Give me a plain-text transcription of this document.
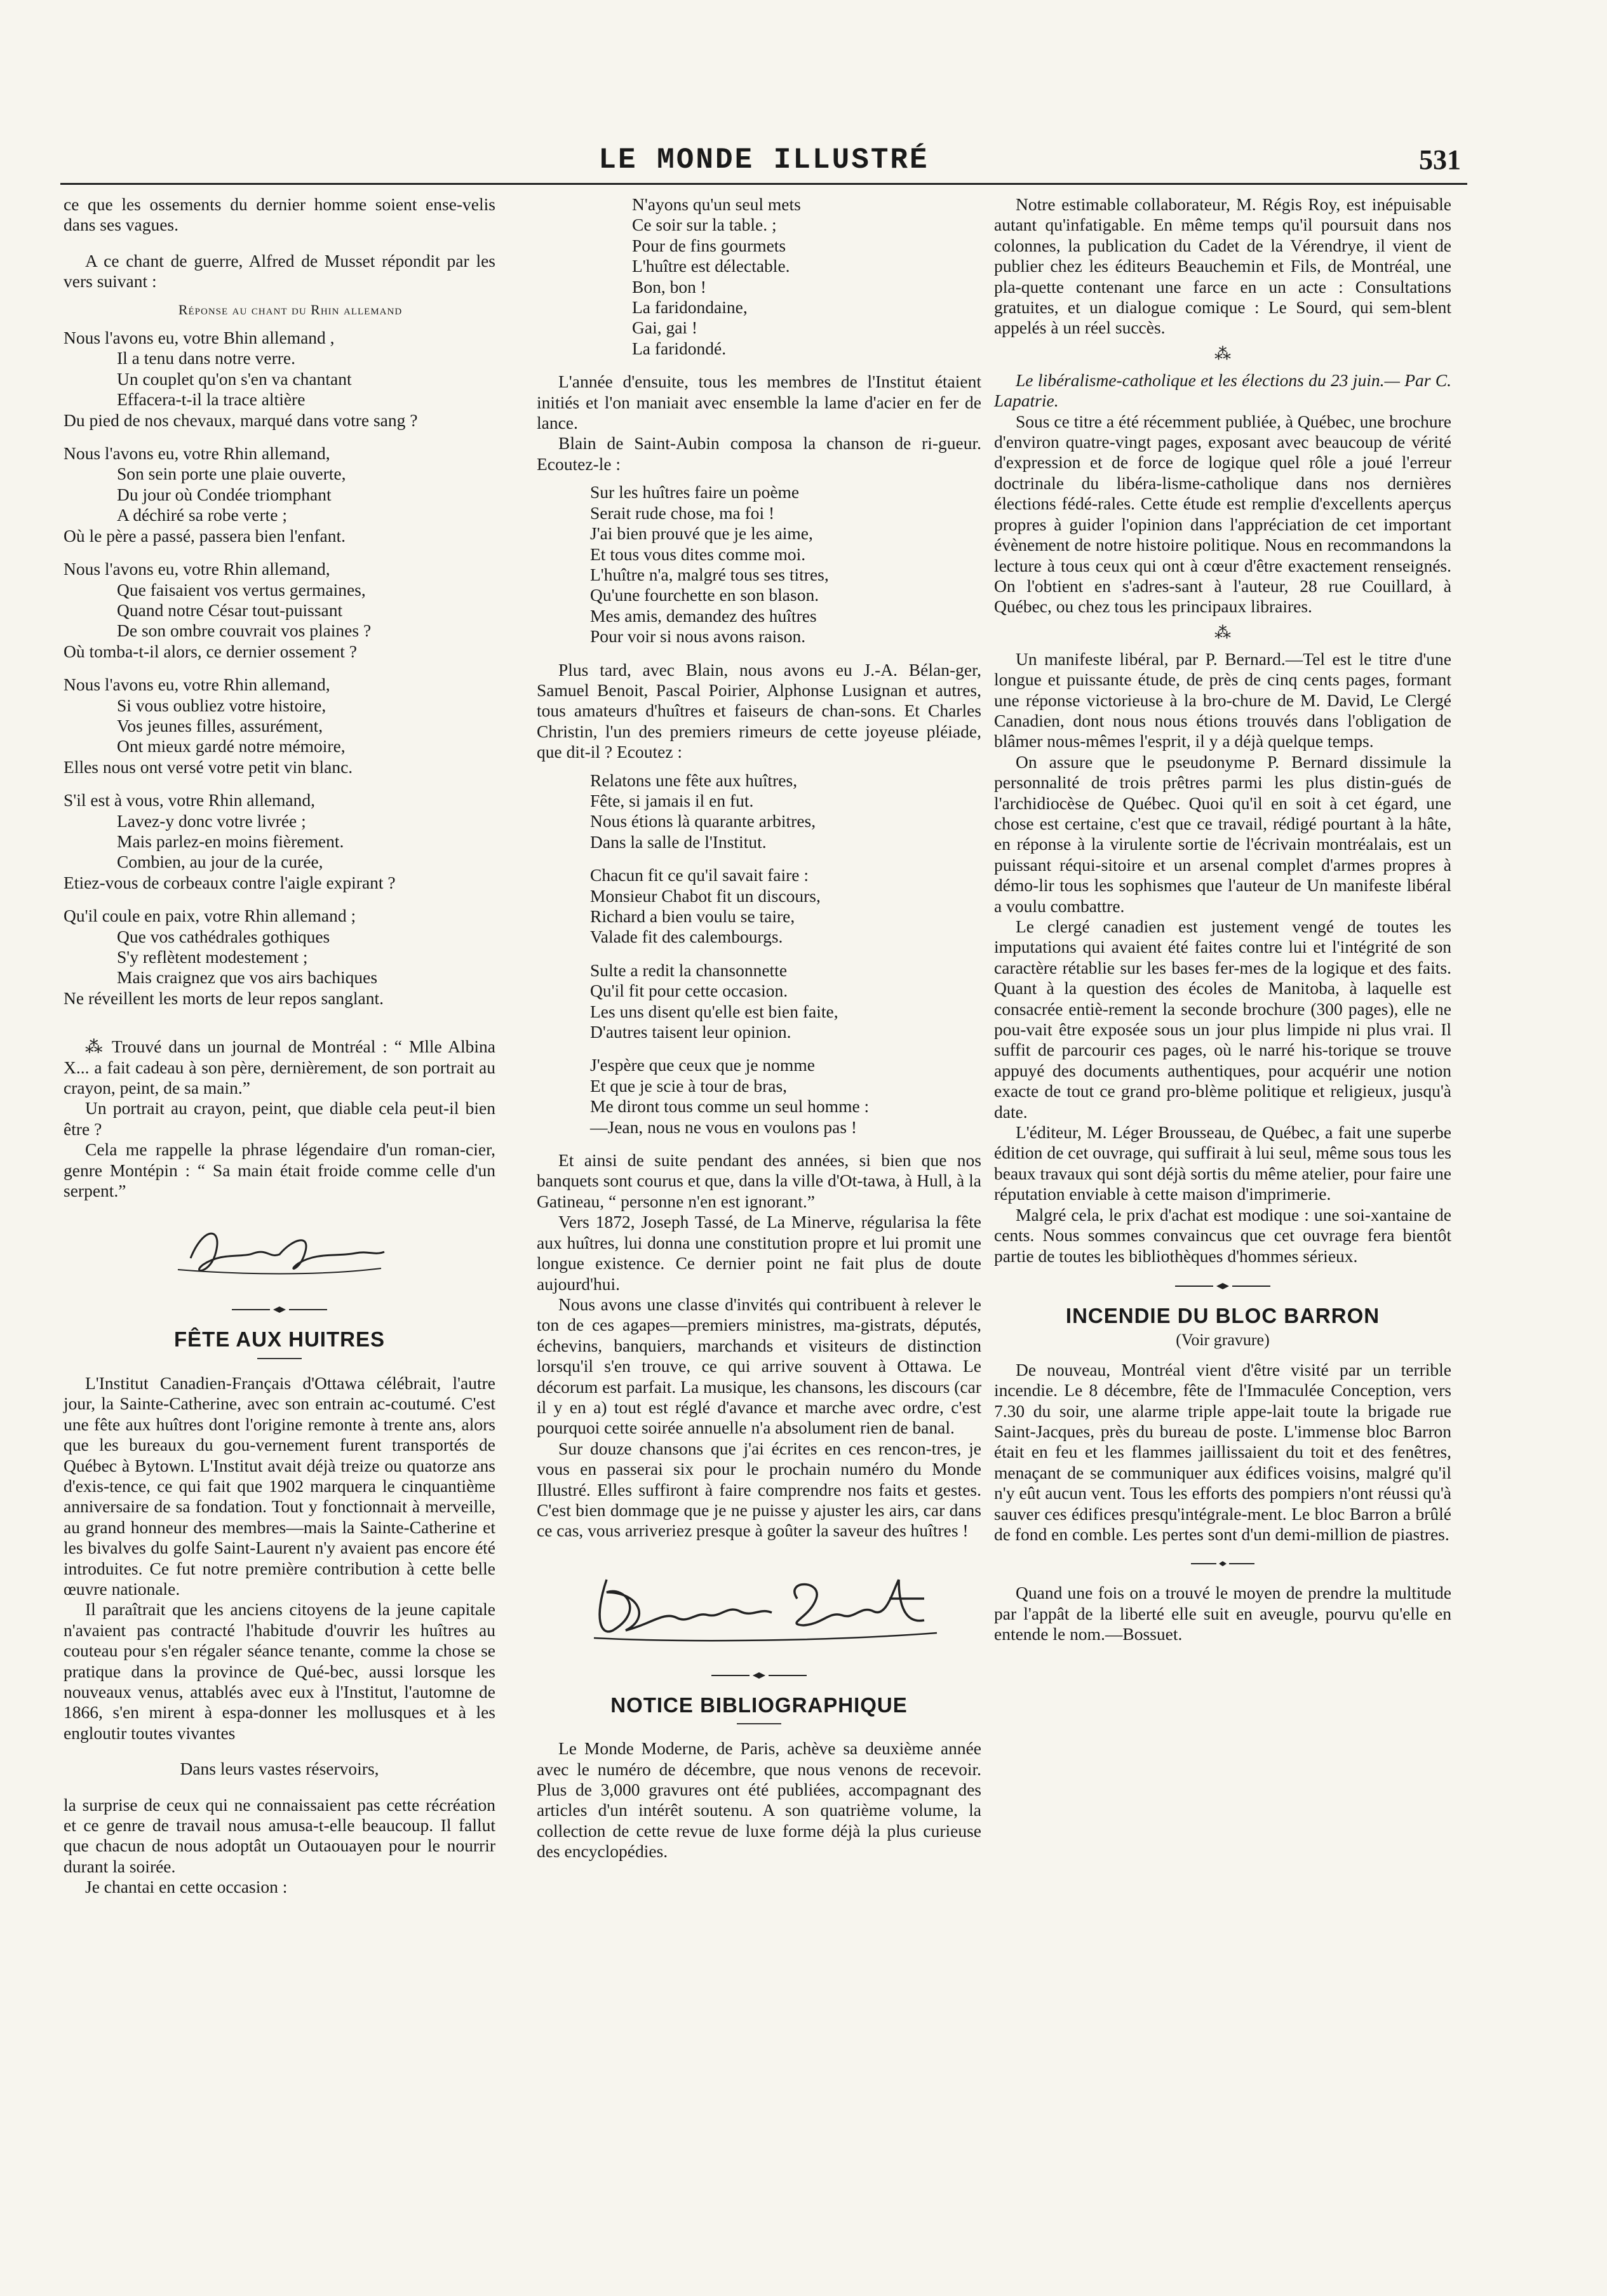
LE MONDE ILLUSTRÉ	531

ce que les ossements du dernier homme soient ense-velis dans ses vagues.

A ce chant de guerre, Alfred de Musset répondit par les vers suivant :

Réponse au chant du Rhin allemand

Nous l'avons eu, votre Bhin allemand ,
Il a tenu dans notre verre.
Un couplet qu'on s'en va chantant
Effacera-t-il la trace altière
Du pied de nos chevaux, marqué dans votre sang ?
Nous l'avons eu, votre Rhin allemand,
Son sein porte une plaie ouverte,
Du jour où Condée triomphant
A déchiré sa robe verte ;
Où le père a passé, passera bien l'enfant.
Nous l'avons eu, votre Rhin allemand,
Que faisaient vos vertus germaines,
Quand notre César tout-puissant
De son ombre couvrait vos plaines ?
Où tomba-t-il alors, ce dernier ossement ?
Nous l'avons eu, votre Rhin allemand,
Si vous oubliez votre histoire,
Vos jeunes filles, assurément,
Ont mieux gardé notre mémoire,
Elles nous ont versé votre petit vin blanc.
S'il est à vous, votre Rhin allemand,
Lavez-y donc votre livrée ;
Mais parlez-en moins fièrement.
Combien, au jour de la curée,
Etiez-vous de corbeaux contre l'aigle expirant ?
Qu'il coule en paix, votre Rhin allemand ;
Que vos cathédrales gothiques
S'y reflètent modestement ;
Mais craignez que vos airs bachiques
Ne réveillent les morts de leur repos sanglant.

⁂ Trouvé dans un journal de Montréal : “ Mlle Albina X... a fait cadeau à son père, dernièrement, de son portrait au crayon, peint, de sa main.”

Un portrait au crayon, peint, que diable cela peut-il bien être ?

Cela me rappelle la phrase légendaire d'un roman-cier, genre Montépin : “ Sa main était froide comme celle d'un serpent.”

FÊTE AUX HUITRES

L'Institut Canadien-Français d'Ottawa célébrait, l'autre jour, la Sainte-Catherine, avec son entrain ac-coutumé. C'est une fête aux huîtres dont l'origine remonte à trente ans, alors que les bureaux du gou-vernement furent transportés de Québec à Bytown. L'Institut avait déjà treize ou quatorze ans d'exis-tence, ce qui fait que 1902 marquera le cinquantième anniversaire de sa fondation. Tout y fonctionnait à merveille, au grand honneur des membres—mais la Sainte-Catherine et les bivalves du golfe Saint-Laurent n'y avaient pas encore été introduites. Ce fut notre première contribution à cette belle œuvre nationale.

Il paraîtrait que les anciens citoyens de la jeune capitale n'avaient pas contracté l'habitude d'ouvrir les huîtres au couteau pour s'en régaler séance tenante, comme la chose se pratique dans la province de Qué-bec, aussi lorsque les nouveaux venus, attablés avec eux à l'Institut, l'automne de 1866, s'en mirent à espa-donner les mollusques et à les engloutir toutes vivantes

Dans leurs vastes réservoirs,

la surprise de ceux qui ne connaissaient pas cette récréation et ce genre de travail nous amusa-t-elle beaucoup. Il fallut que chacun de nous adoptât un Outaouayen pour le nourrir durant la soirée.

Je chantai en cette occasion :

N'ayons qu'un seul mets
Ce soir sur la table. ;
Pour de fins gourmets
L'huître est délectable.
Bon, bon !
La faridondaine,
Gai, gai !
La faridondé.

L'année d'ensuite, tous les membres de l'Institut étaient initiés et l'on maniait avec ensemble la lame d'acier en fer de lance.

Blain de Saint-Aubin composa la chanson de ri-gueur. Ecoutez-le :

Sur les huîtres faire un poème
Serait rude chose, ma foi !
J'ai bien prouvé que je les aime,
Et tous vous dites comme moi.
L'huître n'a, malgré tous ses titres,
Qu'une fourchette en son blason.
Mes amis, demandez des huîtres
Pour voir si nous avons raison.

Plus tard, avec Blain, nous avons eu J.-A. Bélan-ger, Samuel Benoit, Pascal Poirier, Alphonse Lusignan et autres, tous amateurs d'huîtres et faiseurs de chan-sons. Et Charles Christin, l'un des premiers rimeurs de cette joyeuse pléiade, que dit-il ? Ecoutez :

Relatons une fête aux huîtres,
Fête, si jamais il en fut.
Nous étions là quarante arbitres,
Dans la salle de l'Institut.
Chacun fit ce qu'il savait faire :
Monsieur Chabot fit un discours,
Richard a bien voulu se taire,
Valade fit des calembourgs.
Sulte a redit la chansonnette
Qu'il fit pour cette occasion.
Les uns disent qu'elle est bien faite,
D'autres taisent leur opinion.
J'espère que ceux que je nomme
Et que je scie à tour de bras,
Me diront tous comme un seul homme :
—Jean, nous ne vous en voulons pas !

Et ainsi de suite pendant des années, si bien que nos banquets sont courus et que, dans la ville d'Ot-tawa, à Hull, à la Gatineau, “ personne n'en est ignorant.”

Vers 1872, Joseph Tassé, de La Minerve, régularisa la fête aux huîtres, lui donna une constitution propre et lui promit une longue existence. Ce dernier point ne fait plus de doute aujourd'hui.

Nous avons une classe d'invités qui contribuent à relever le ton de ces agapes—premiers ministres, ma-gistrats, députés, échevins, banquiers, marchands et visiteurs de distinction lorsqu'il s'en trouve, ce qui arrive souvent à Ottawa. Le décorum est parfait. La musique, les chansons, les discours (car il y en a) tout est réglé d'avance et marche avec ordre, c'est pourquoi cette soirée annuelle n'a absolument rien de banal.

Sur douze chansons que j'ai écrites en ces rencon-tres, je vous en passerai six pour le prochain numéro du Monde Illustré. Elles suffiront à faire comprendre nos faits et gestes. C'est bien dommage que je ne puisse y ajuster les airs, car dans ce cas, vous arriveriez presque à goûter la saveur des huîtres !

NOTICE BIBLIOGRAPHIQUE

Le Monde Moderne, de Paris, achève sa deuxième année avec le numéro de décembre, que nous venons de recevoir. Plus de 3,000 gravures ont été publiées, accompagnant des articles d'un intérêt soutenu. A son quatrième volume, la collection de cette revue de luxe forme déjà la plus curieuse des encyclopédies.

Notre estimable collaborateur, M. Régis Roy, est inépuisable autant qu'infatigable. En même temps qu'il poursuit dans nos colonnes, la publication du Cadet de la Vérendrye, il vient de publier chez les éditeurs Beauchemin et Fils, de Montréal, une pla-quette contenant une farce en un acte : Consultations gratuites, et un dialogue comique : Le Sourd, qui sem-blent appelés à un réel succès.

⁂

Le libéralisme-catholique et les élections du 23 juin.— Par C. Lapatrie.

Sous ce titre a été récemment publiée, à Québec, une brochure d'environ quatre-vingt pages, exposant avec beaucoup de vérité d'expression et de force de logique quel rôle a joué l'erreur doctrinale du libéra-lisme-catholique dans nos dernières élections fédé-rales. Cette étude est remplie d'excellents aperçus propres à guider l'opinion dans l'appréciation de cet important évènement de notre histoire politique. Nous en recommandons la lecture à tous ceux qui ont à cœur d'être exactement renseignés. On l'obtient en s'adres-sant à l'auteur, 28 rue Couillard, à Québec, ou chez tous les principaux libraires.

⁂

Un manifeste libéral, par P. Bernard.—Tel est le titre d'une longue et puissante étude, de près de cinq cents pages, formant une réponse victorieuse à la bro-chure de M. David, Le Clergé Canadien, dont nous nous étions trouvés dans l'obligation de blâmer nous-mêmes l'esprit, il y a déjà quelque temps.

On assure que le pseudonyme P. Bernard dissimule la personnalité de trois prêtres parmi les plus distin-gués de l'archidiocèse de Québec. Quoi qu'il en soit à cet égard, une chose est certaine, c'est que ce travail, rédigé pourtant à la hâte, en réponse à la virulente sortie de l'écrivain montréalais, est un puissant réqui-sitoire et un arsenal complet d'armes propres à démo-lir tous les sophismes que l'auteur de Un manifeste libéral a voulu combattre.

Le clergé canadien est justement vengé de toutes les imputations qui avaient été faites contre lui et l'intégrité de son caractère rétablie sur les bases fer-mes de la logique et des faits. Quant à la question des écoles de Manitoba, à laquelle est consacrée entiè-rement la seconde brochure (300 pages), elle ne pou-vait être exposée sous un jour plus limpide ni plus vrai. Il suffit de parcourir ces pages, où le narré his-torique se trouve appuyé des documents authentiques, pour acquérir une notion exacte de tout ce grand pro-blème politique et religieux, jusqu'à date.

L'éditeur, M. Léger Brousseau, de Québec, a fait une superbe édition de cet ouvrage, qui suffirait à lui seul, même sous tous les beaux travaux qui sont déjà sortis du même atelier, pour faire une réputation enviable à cette maison d'imprimerie.

Malgré cela, le prix d'achat est modique : une soi-xantaine de cents. Nous sommes convaincus que cet ouvrage fera bientôt partie de toutes les bibliothèques d'hommes sérieux.

INCENDIE DU BLOC BARRON
(Voir gravure)

De nouveau, Montréal vient d'être visité par un terrible incendie. Le 8 décembre, fête de l'Immaculée Conception, vers 7.30 du soir, une alarme triple appe-lait toute la brigade rue Saint-Jacques, près du bureau de poste. L'immense bloc Barron était en feu et les flammes jaillissaient du toit et des fenêtres, menaçant de se communiquer aux édifices voisins, malgré qu'il n'y eût aucun vent. Tous les efforts des pompiers n'ont réussi qu'à sauver ces édifices presqu'intégrale-ment. Le bloc Barron a brûlé de fond en comble. Les pertes sont d'un demi-million de piastres.

Quand une fois on a trouvé le moyen de prendre la multitude par l'appât de la liberté elle suit en aveugle, pourvu qu'elle en entende le nom.—Bossuet.
